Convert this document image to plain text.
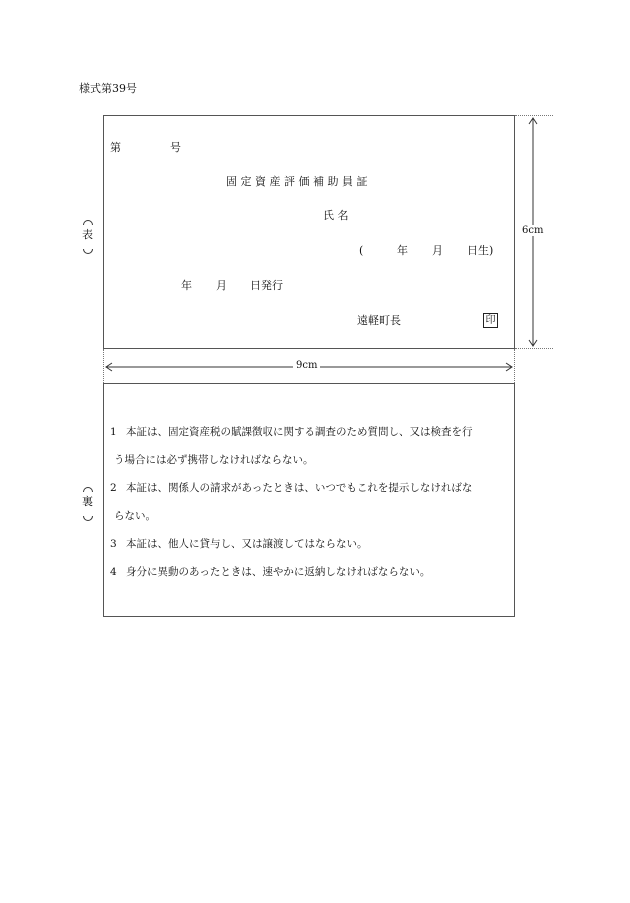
様式第39号
表
第	号
固 定 資 産 評 価 補 助 員 証
氏 名
(	年 月 日生)
年 月 日発行
遠軽町長	印
6cm
9cm
裏
1 本証は、固定資産税の賦課徴収に関する調査のため質問し、又は検査を行
う場合には必ず携帯しなければならない。
2 本証は、関係人の請求があったときは、いつでもこれを提示しなければな
らない。
3 本証は、他人に貸与し、又は譲渡してはならない。
4 身分に異動のあったときは、速やかに返納しなければならない。
